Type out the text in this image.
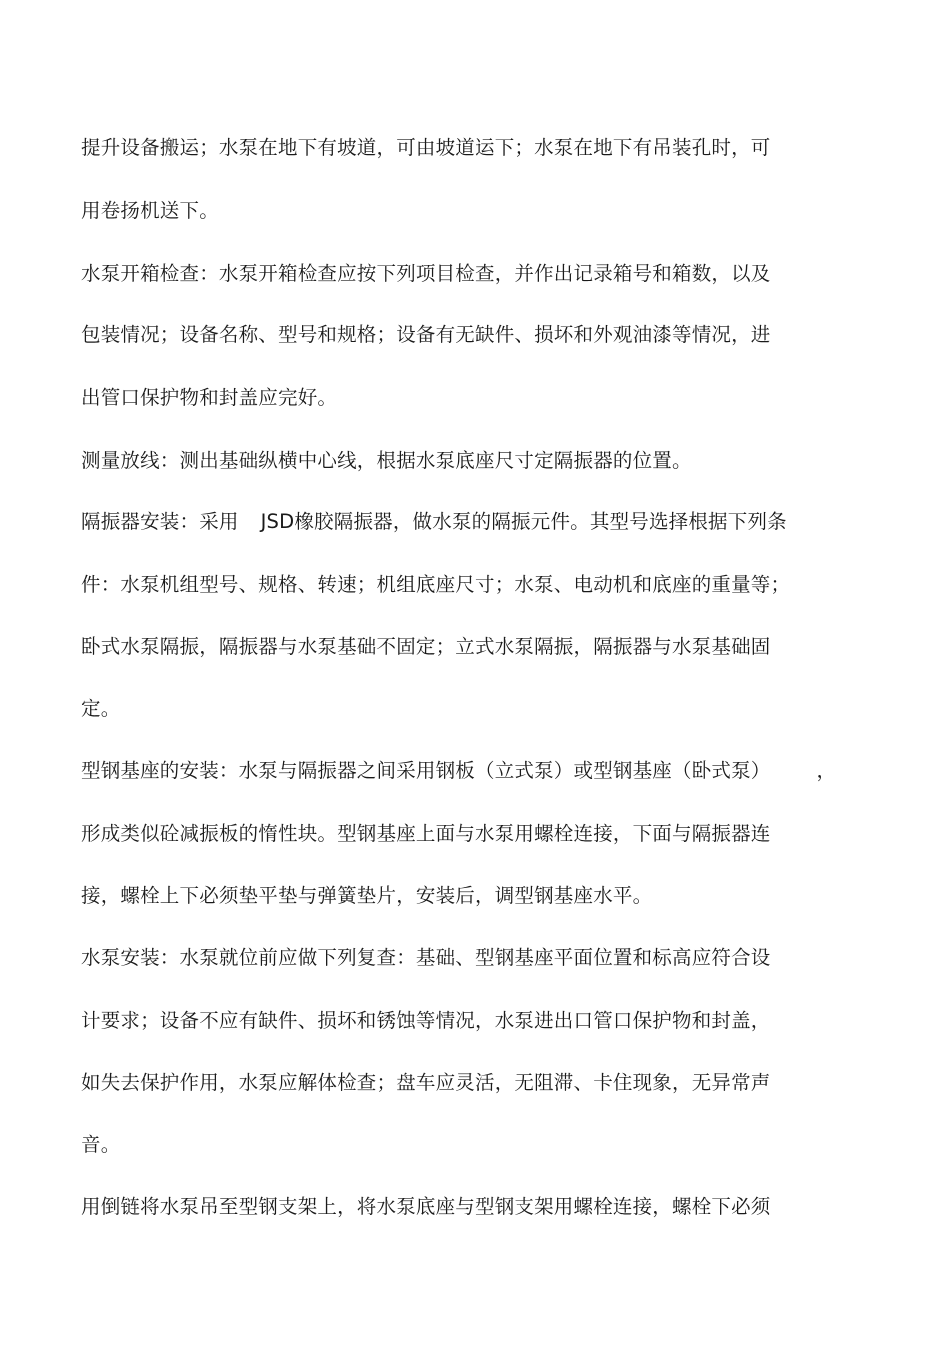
提升设备搬运；水泵在地下有坡道，可由坡道运下；水泵在地下有吊装孔时，可
用卷扬机送下。
水泵开箱检查：水泵开箱检查应按下列项目检查，并作出记录箱号和箱数，以及
包装情况；设备名称、型号和规格；设备有无缺件、损坏和外观油漆等情况，进
出管口保护物和封盖应完好。
测量放线：测出基础纵横中心线，根据水泵底座尺寸定隔振器的位置。
隔振器安装：采用 JSD橡胶隔振器，做水泵的隔振元件。其型号选择根据下列条
件：水泵机组型号、规格、转速；机组底座尺寸；水泵、电动机和底座的重量等；
卧式水泵隔振，隔振器与水泵基础不固定；立式水泵隔振，隔振器与水泵基础固
定。
型钢基座的安装：水泵与隔振器之间采用钢板（立式泵）或型钢基座（卧式泵） ，
形成类似砼减振板的惰性块。型钢基座上面与水泵用螺栓连接，下面与隔振器连
接，螺栓上下必须垫平垫与弹簧垫片，安装后，调型钢基座水平。
水泵安装：水泵就位前应做下列复查：基础、型钢基座平面位置和标高应符合设
计要求；设备不应有缺件、损坏和锈蚀等情况，水泵进出口管口保护物和封盖，
如失去保护作用，水泵应解体检查；盘车应灵活，无阻滞、卡住现象，无异常声
音。
用倒链将水泵吊至型钢支架上，将水泵底座与型钢支架用螺栓连接，螺栓下必须
